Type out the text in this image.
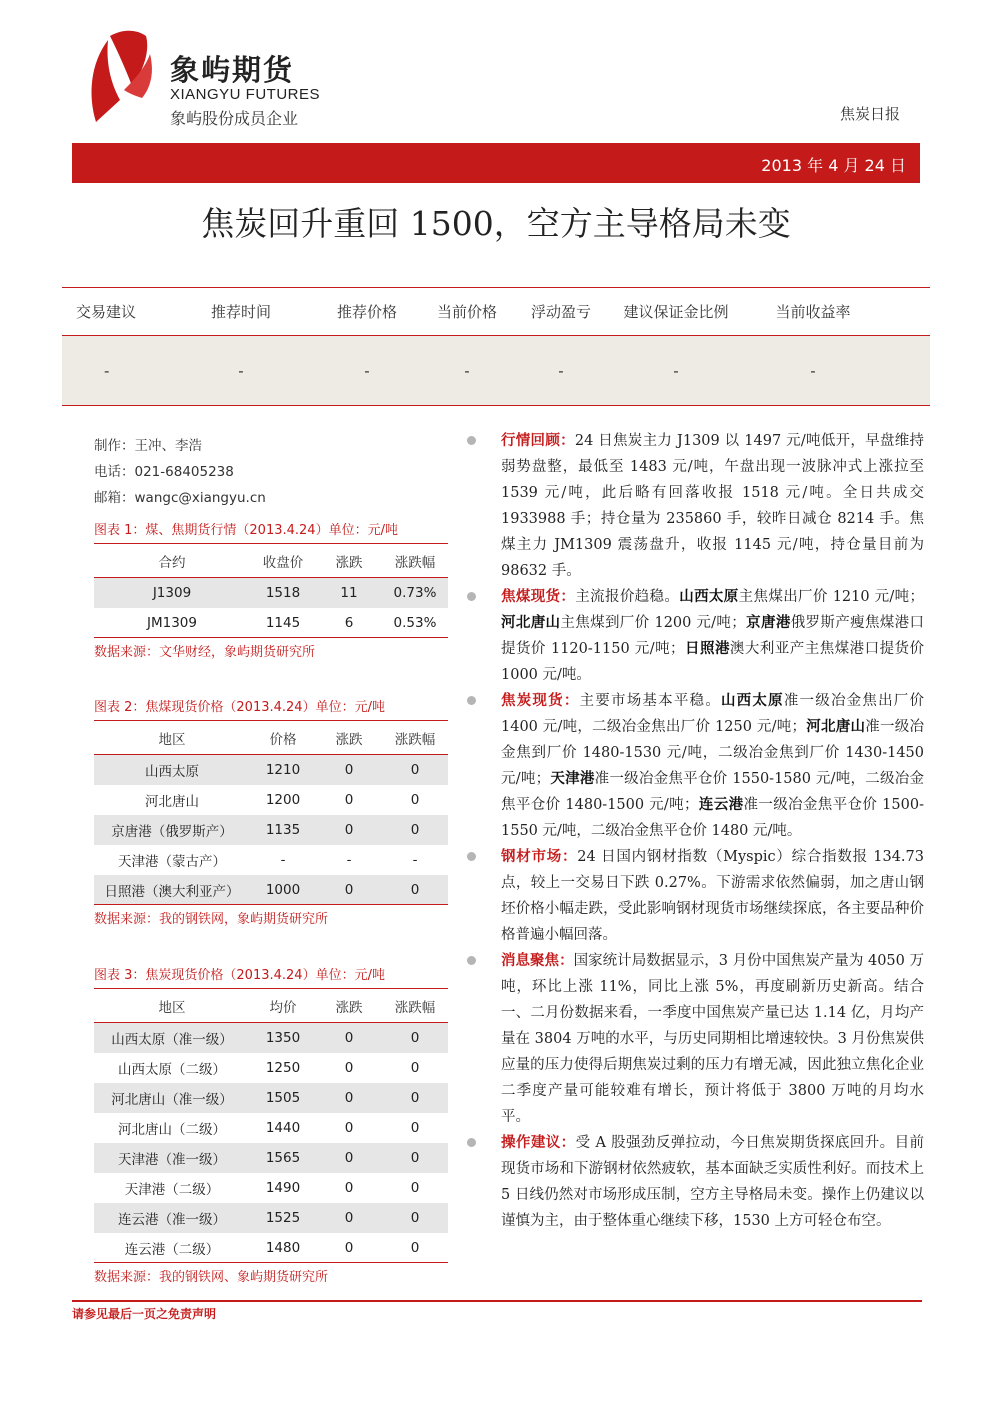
象屿期货
XIANGYU FUTURES
象屿股份成员企业	焦炭日报
2013 年 4 月 24 日
焦炭回升重回 1500，空方主导格局未变
交易建议	推荐时间	推荐价格	当前价格	浮动盈亏	建议保证金比例	当前收益率
-	-	-	-	-	-	-
制作：王冲、李浩
电话：021-68405238
邮箱：wangc@xiangyu.cn
图表 1：煤、焦期货行情（2013.4.24）单位：元/吨
合约	收盘价	涨跌	涨跌幅
J1309	1518	11	0.73%
JM1309	1145	6	0.53%
数据来源：文华财经，象屿期货研究所
图表 2：焦煤现货价格（2013.4.24）单位：元/吨
地区	价格	涨跌	涨跌幅
山西太原	1210	0	0
河北唐山	1200	0	0
京唐港（俄罗斯产）	1135	0	0
天津港（蒙古产）	-	-	-
日照港（澳大利亚产）	1000	0	0
数据来源：我的钢铁网，象屿期货研究所
图表 3：焦炭现货价格（2013.4.24）单位：元/吨
地区	均价	涨跌	涨跌幅
山西太原（准一级）	1350	0	0
山西太原（二级）	1250	0	0
河北唐山（准一级）	1505	0	0
河北唐山（二级）	1440	0	0
天津港（准一级）	1565	0	0
天津港（二级）	1490	0	0
连云港（准一级）	1525	0	0
连云港（二级）	1480	0	0
数据来源：我的钢铁网、象屿期货研究所
行情回顾：24 日焦炭主力 J1309 以 1497 元/吨低开，早盘维持弱势盘整，最低至 1483 元/吨，午盘出现一波脉冲式上涨拉至 1539 元/吨，此后略有回落收报 1518 元/吨。全日共成交 1933988 手；持仓量为 235860 手，较昨日减仓 8214 手。焦煤主力 JM1309 震荡盘升，收报 1145 元/吨，持仓量目前为 98632 手。
焦煤现货：主流报价趋稳。山西太原主焦煤出厂价 1210 元/吨；河北唐山主焦煤到厂价 1200 元/吨；京唐港俄罗斯产瘦焦煤港口提货价 1120-1150 元/吨；日照港澳大利亚产主焦煤港口提货价 1000 元/吨。
焦炭现货：主要市场基本平稳。山西太原准一级冶金焦出厂价 1400 元/吨，二级冶金焦出厂价 1250 元/吨；河北唐山准一级冶金焦到厂价 1480-1530 元/吨，二级冶金焦到厂价 1430-1450 元/吨；天津港准一级冶金焦平仓价 1550-1580 元/吨，二级冶金焦平仓价 1480-1500 元/吨；连云港准一级冶金焦平仓价 1500-1550 元/吨，二级冶金焦平仓价 1480 元/吨。
钢材市场：24 日国内钢材指数（Myspic）综合指数报 134.73 点，较上一交易日下跌 0.27%。下游需求依然偏弱，加之唐山钢坯价格小幅走跌，受此影响钢材现货市场继续探底，各主要品种价格普遍小幅回落。
消息聚焦：国家统计局数据显示，3 月份中国焦炭产量为 4050 万吨，环比上涨 11%，同比上涨 5%，再度刷新历史新高。结合一、二月份数据来看，一季度中国焦炭产量已达 1.14 亿，月均产量在 3804 万吨的水平，与历史同期相比增速较快。3 月份焦炭供应量的压力使得后期焦炭过剩的压力有增无减，因此独立焦化企业二季度产量可能较难有增长，预计将低于 3800 万吨的月均水平。
操作建议：受 A 股强劲反弹拉动，今日焦炭期货探底回升。目前现货市场和下游钢材依然疲软，基本面缺乏实质性利好。而技术上 5 日线仍然对市场形成压制，空方主导格局未变。操作上仍建议以谨慎为主，由于整体重心继续下移，1530 上方可轻仓布空。
请参见最后一页之免责声明
